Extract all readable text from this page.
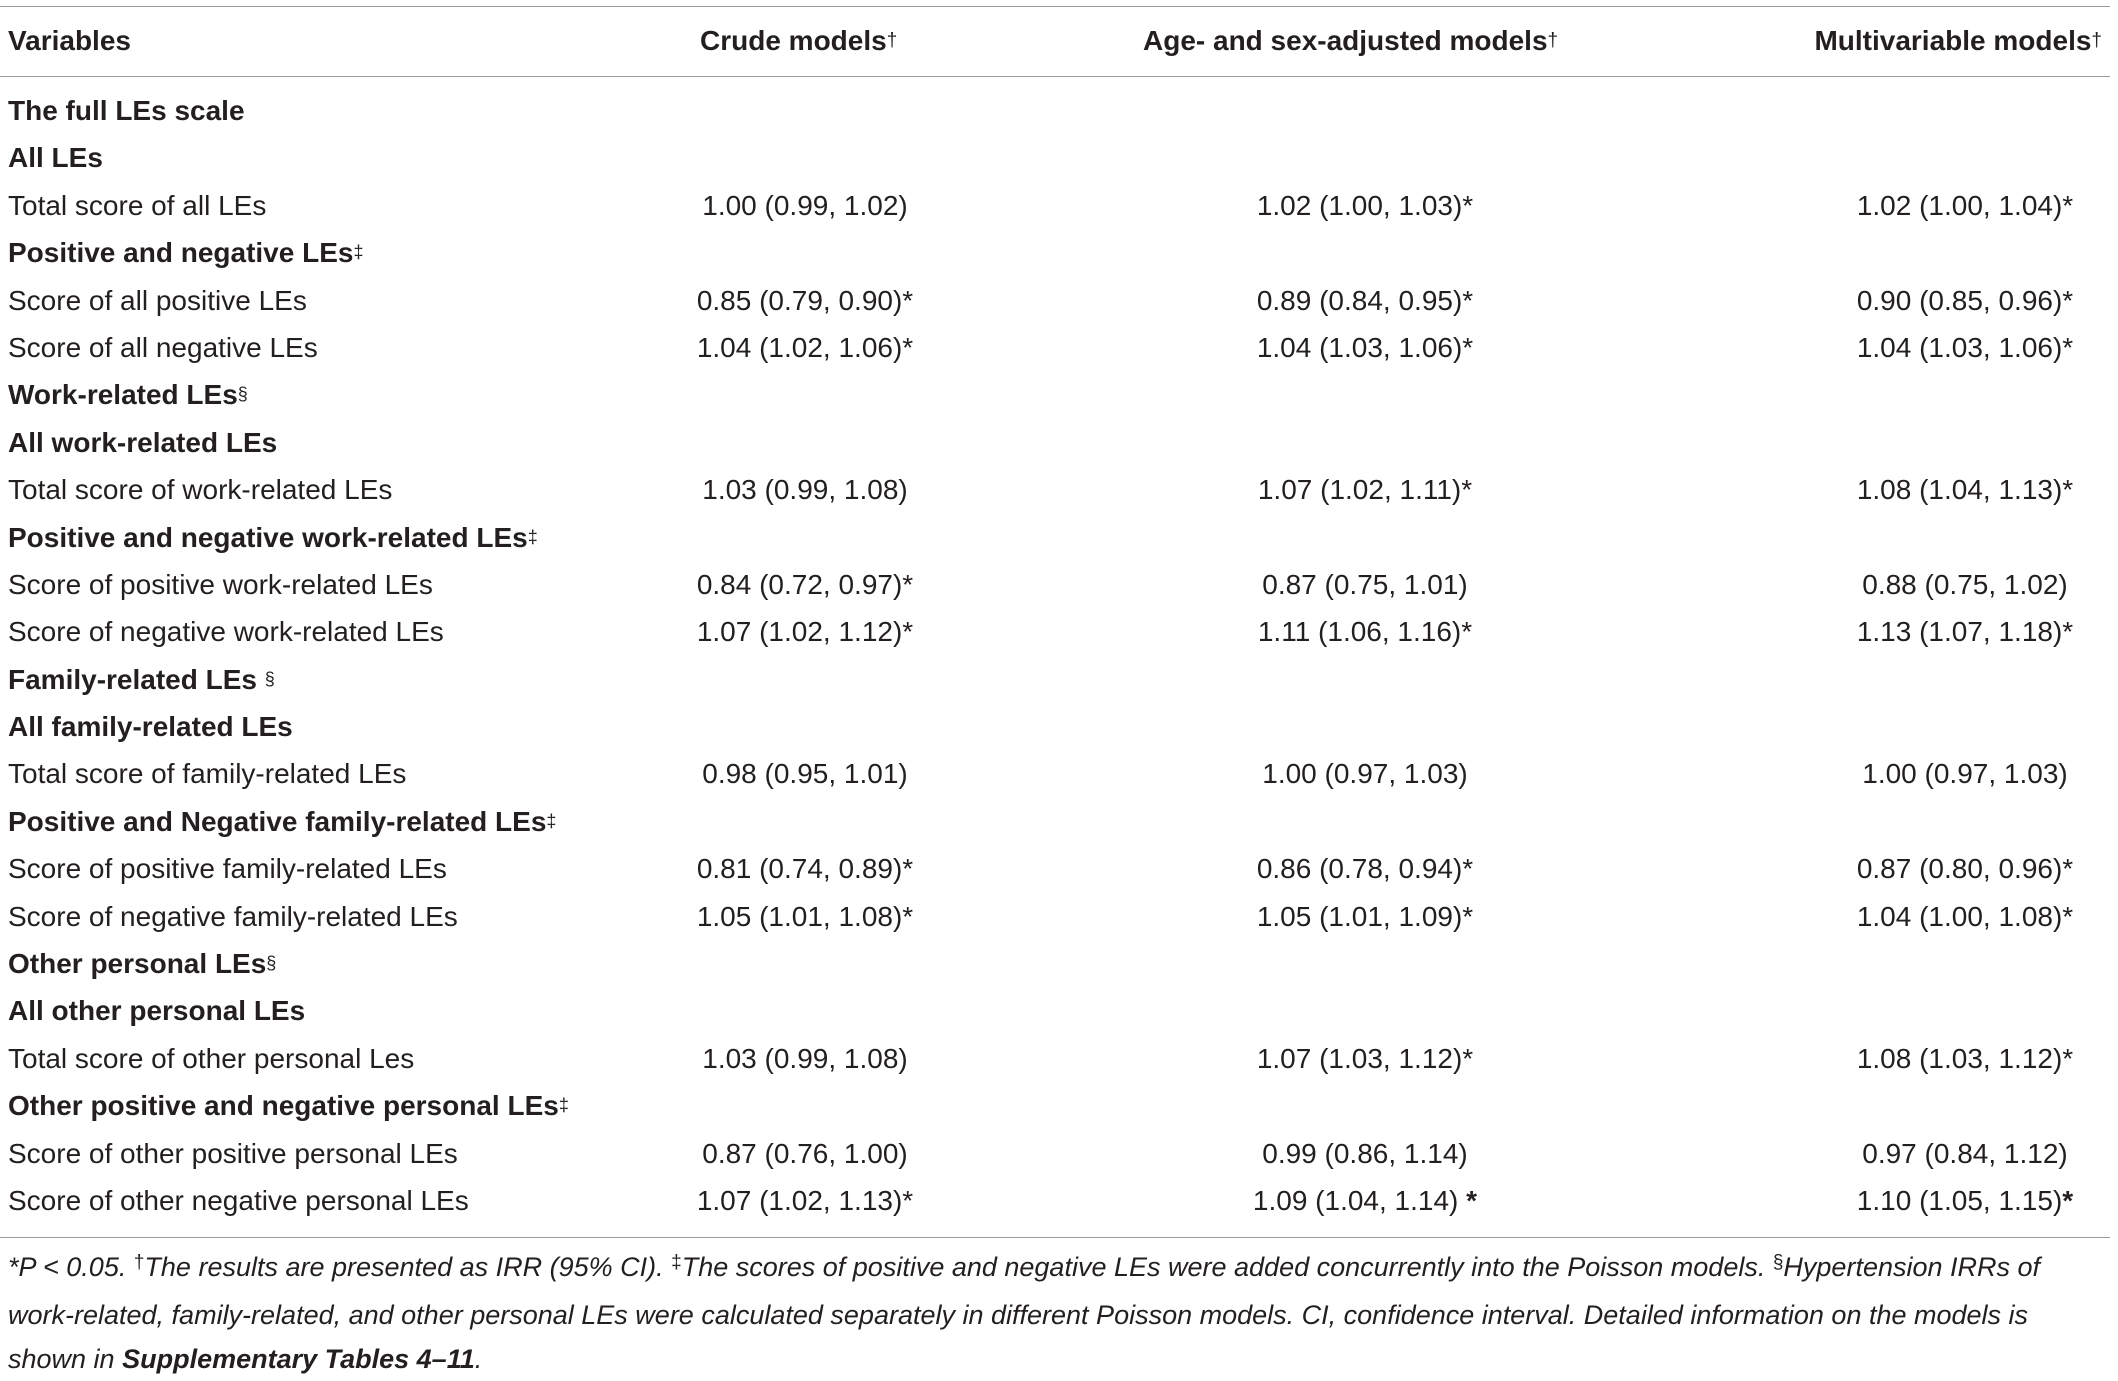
Variables	Crude models†	Age- and sex-adjusted models†	Multivariable models†
The full LEs scale
All LEs
Total score of all LEs	1.00 (0.99, 1.02)	1.02 (1.00, 1.03)*	1.02 (1.00, 1.04)*
Positive and negative LEs‡
Score of all positive LEs	0.85 (0.79, 0.90)*	0.89 (0.84, 0.95)*	0.90 (0.85, 0.96)*
Score of all negative LEs	1.04 (1.02, 1.06)*	1.04 (1.03, 1.06)*	1.04 (1.03, 1.06)*
Work-related LEs§
All work-related LEs
Total score of work-related LEs	1.03 (0.99, 1.08)	1.07 (1.02, 1.11)*	1.08 (1.04, 1.13)*
Positive and negative work-related LEs‡
Score of positive work-related LEs	0.84 (0.72, 0.97)*	0.87 (0.75, 1.01)	0.88 (0.75, 1.02)
Score of negative work-related LEs	1.07 (1.02, 1.12)*	1.11 (1.06, 1.16)*	1.13 (1.07, 1.18)*
Family-related LEs §
All family-related LEs
Total score of family-related LEs	0.98 (0.95, 1.01)	1.00 (0.97, 1.03)	1.00 (0.97, 1.03)
Positive and Negative family-related LEs‡
Score of positive family-related LEs	0.81 (0.74, 0.89)*	0.86 (0.78, 0.94)*	0.87 (0.80, 0.96)*
Score of negative family-related LEs	1.05 (1.01, 1.08)*	1.05 (1.01, 1.09)*	1.04 (1.00, 1.08)*
Other personal LEs§
All other personal LEs
Total score of other personal Les	1.03 (0.99, 1.08)	1.07 (1.03, 1.12)*	1.08 (1.03, 1.12)*
Other positive and negative personal LEs‡
Score of other positive personal LEs	0.87 (0.76, 1.00)	0.99 (0.86, 1.14)	0.97 (0.84, 1.12)
Score of other negative personal LEs	1.07 (1.02, 1.13)*	1.09 (1.04, 1.14) *	1.10 (1.05, 1.15)*
*P < 0.05. †The results are presented as IRR (95% CI). ‡The scores of positive and negative LEs were added concurrently into the Poisson models. §Hypertension IRRs of work-related, family-related, and other personal LEs were calculated separately in different Poisson models. CI, confidence interval. Detailed information on the models is shown in Supplementary Tables 4–11.
